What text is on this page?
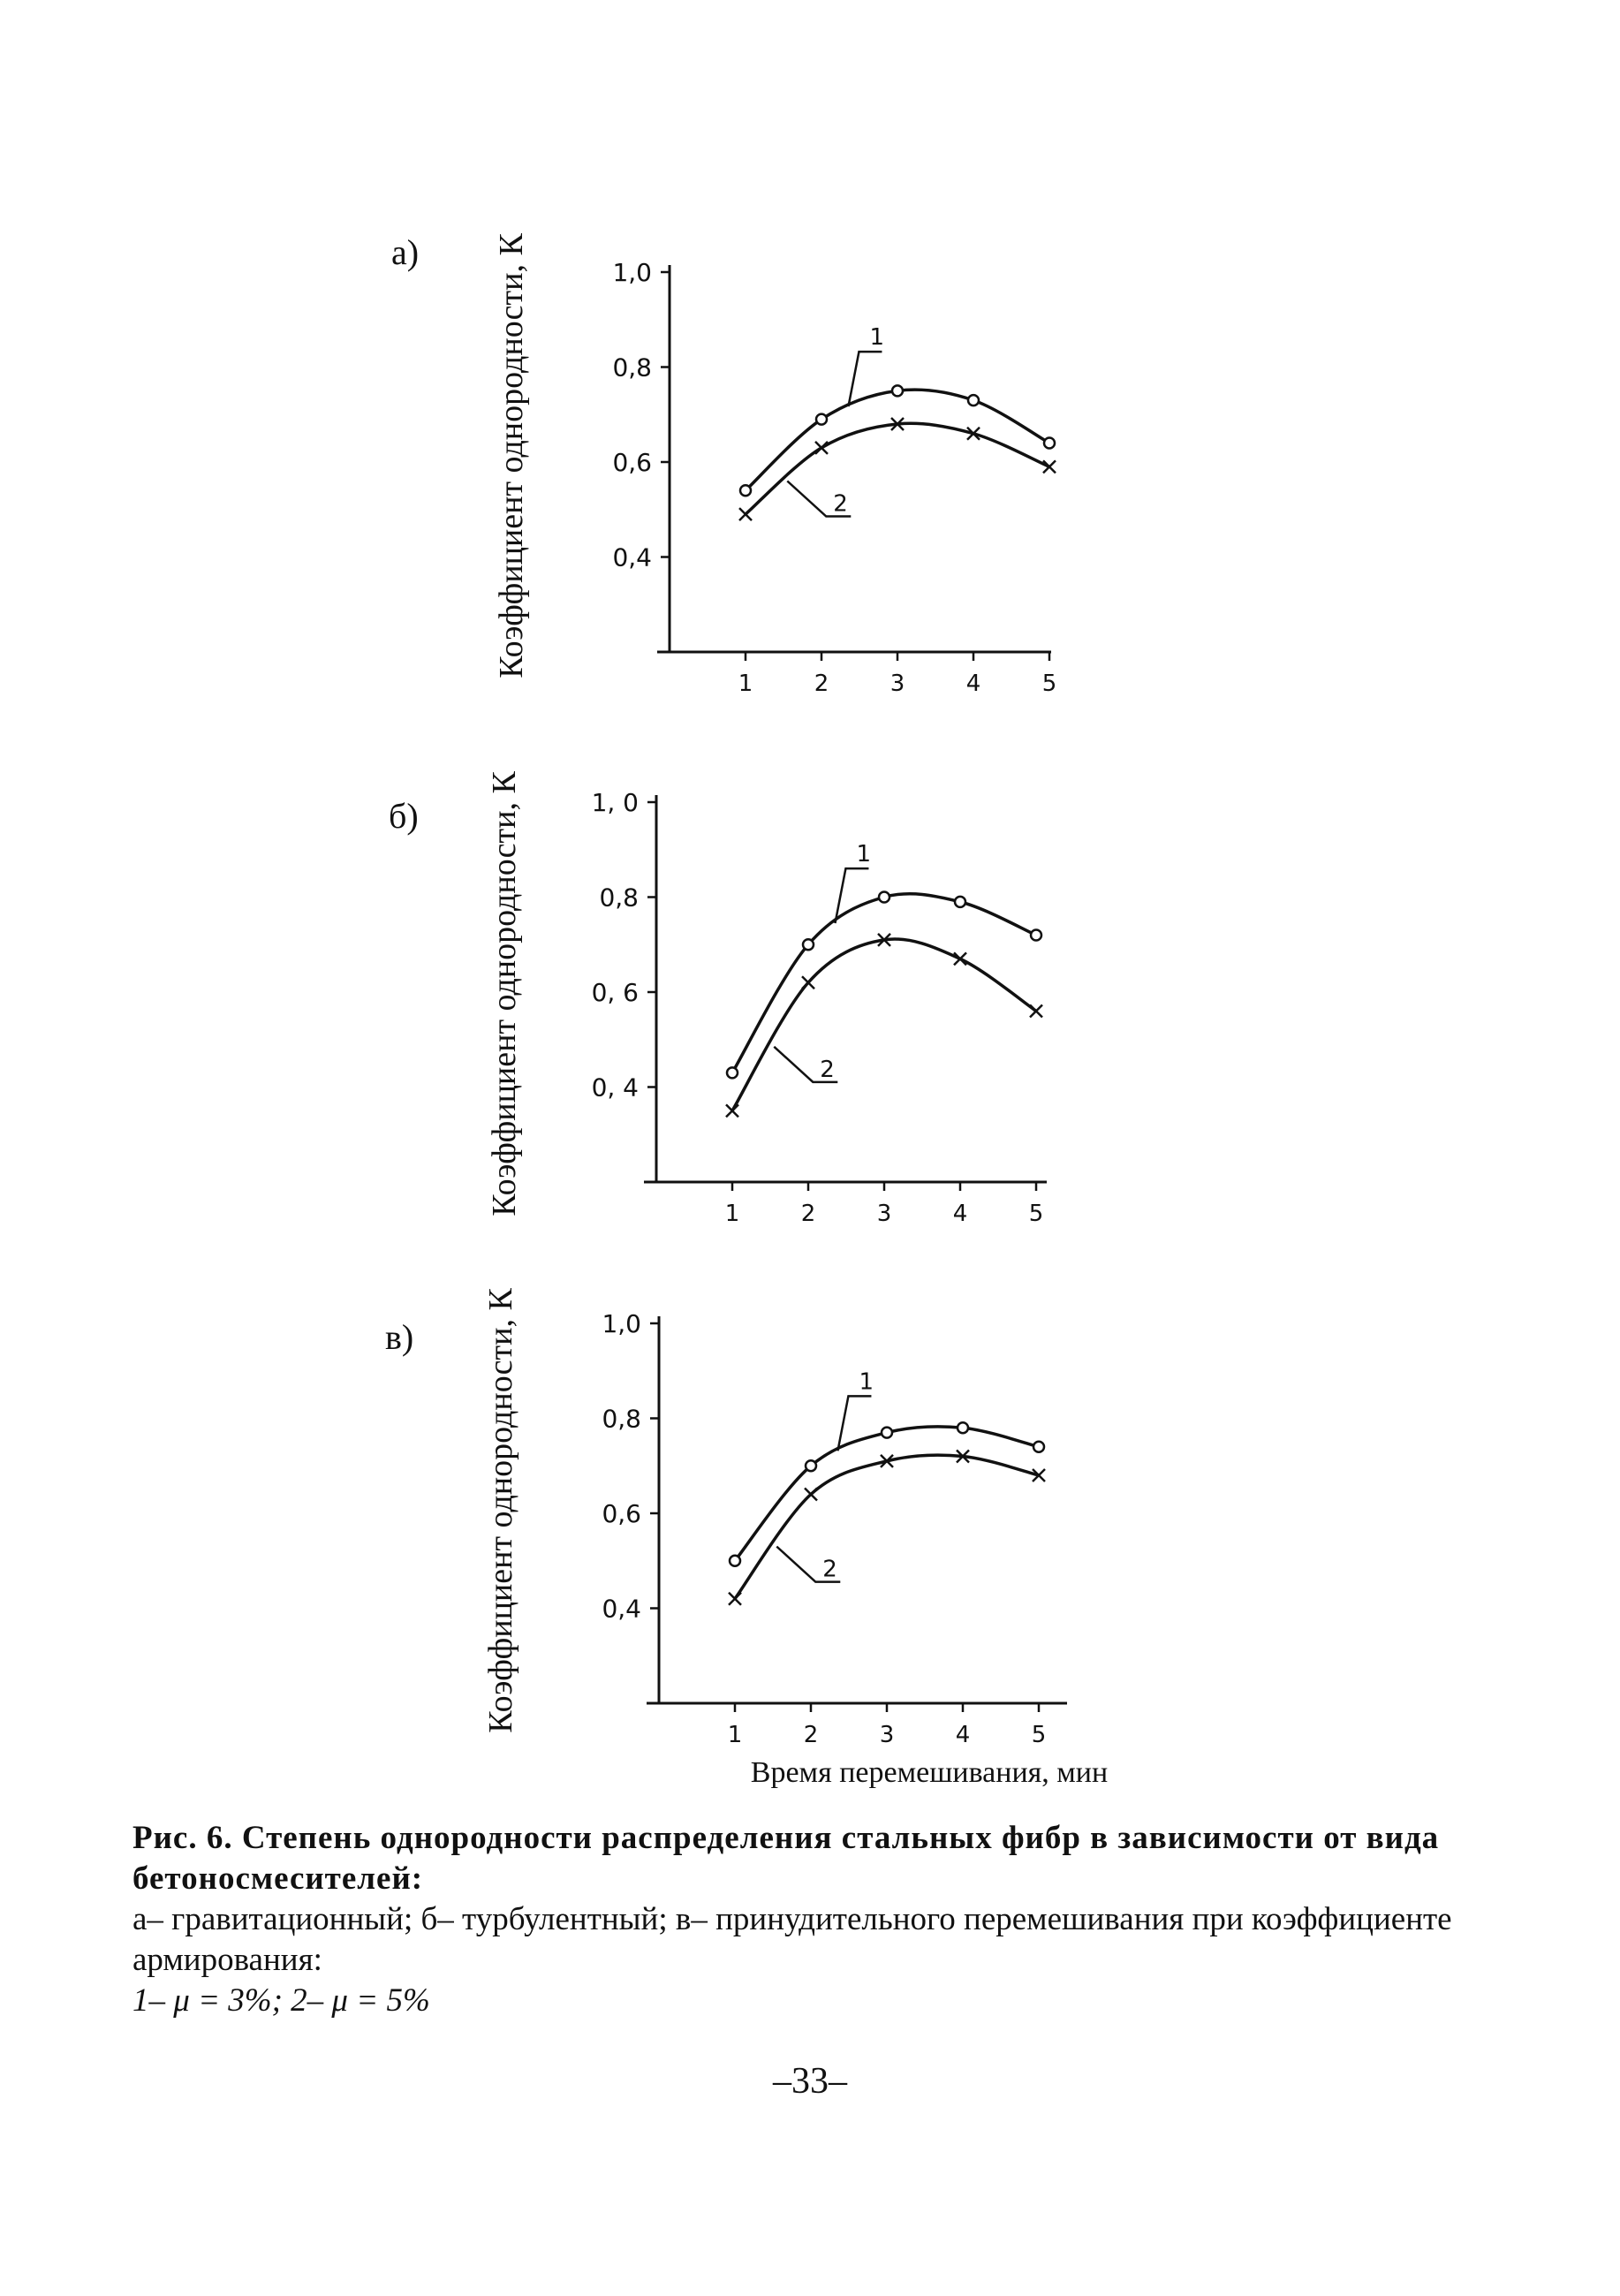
а) Коэффициент однородности, К	1,0
0,8
0,6
0,4
1	2	3	4	5
1
2
б) Коэффициент однородности, К	1, 0
0,8
0, 6
0, 4
1	2	3	4	5
1
2
в) Коэффициент однородности, К	1,0
0,8
0,6
0,4
1	2	3	4	5
1
2
Время перемешивания, мин
Рис. 6. Степень однородности распределения стальных фибр в зависимости от вида бетоносмесителей:
а– гравитационный; б– турбулентный; в– принудительного перемешивания при коэффициенте армирования:
1– μ = 3%; 2– μ = 5%
–33–
